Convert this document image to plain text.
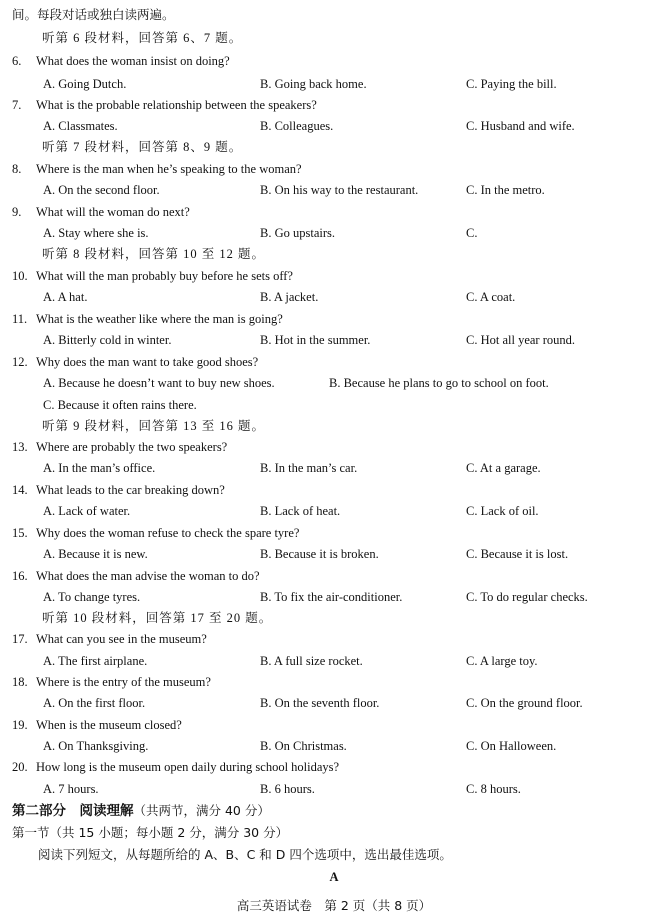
间。每段对话或独白读两遍。
听第 6 段材料，回答第 6、7 题。
6. What does the woman insist on doing?
A. Going Dutch.	B. Going back home.	C. Paying the bill.
7. What is the probable relationship between the speakers?
A. Classmates.	B. Colleagues.	C. Husband and wife.
听第 7 段材料，回答第 8、9 题。
8. Where is the man when he’s speaking to the woman?
A. On the second floor.	B. On his way to the restaurant.	C. In the metro.
9. What will the woman do next?
A. Stay where she is.	B. Go upstairs.	C.
听第 8 段材料，回答第 10 至 12 题。
10. What will the man probably buy before he sets off?
A. A hat.	B. A jacket.	C. A coat.
11. What is the weather like where the man is going?
A. Bitterly cold in winter.	B. Hot in the summer.	C. Hot all year round.
12. Why does the man want to take good shoes?
A. Because he doesn’t want to buy new shoes.	B. Because he plans to go to school on foot.
C. Because it often rains there.
听第 9 段材料，回答第 13 至 16 题。
13. Where are probably the two speakers?
A. In the man’s office.	B. In the man’s car.	C. At a garage.
14. What leads to the car breaking down?
A. Lack of water.	B. Lack of heat.	C. Lack of oil.
15. Why does the woman refuse to check the spare tyre?
A. Because it is new.	B. Because it is broken.	C. Because it is lost.
16. What does the man advise the woman to do?
A. To change tyres.	B. To fix the air-conditioner.	C. To do regular checks.
听第 10 段材料，回答第 17 至 20 题。
17. What can you see in the museum?
A. The first airplane.	B. A full size rocket.	C. A large toy.
18. Where is the entry of the museum?
A. On the first floor.	B. On the seventh floor.	C. On the ground floor.
19. When is the museum closed?
A. On Thanksgiving.	B. On Christmas.	C. On Halloween.
20. How long is the museum open daily during school holidays?
A. 7 hours.	B. 6 hours.	C. 8 hours.
第二部分　阅读理解（共两节，满分 40 分）
第一节（共 15 小题；每小题 2 分，满分 30 分）
阅读下列短文，从每题所给的 A、B、C 和 D 四个选项中，选出最佳选项。
A
高三英语试卷　第 2 页（共 8 页）
